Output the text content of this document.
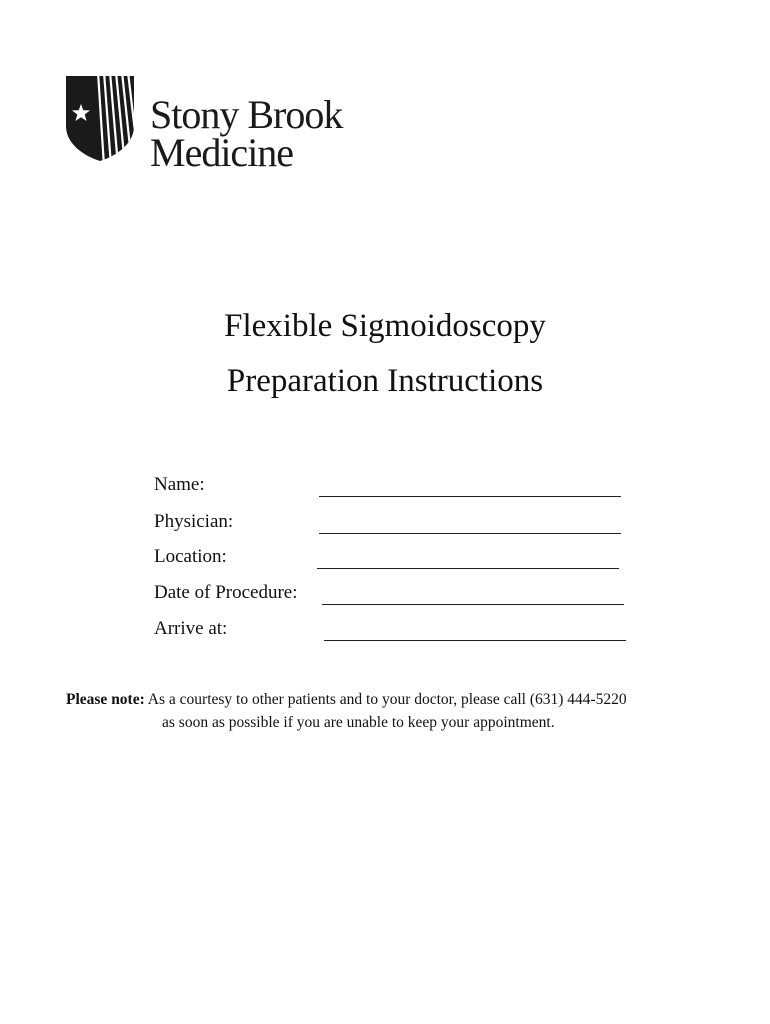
Stony Brook
Medicine
Flexible Sigmoidoscopy
Preparation Instructions
Name:
Physician:
Location:
Date of Procedure:
Arrive at:
Please note: As a courtesy to other patients and to your doctor, please call (631) 444-5220
as soon as possible if you are unable to keep your appointment.
